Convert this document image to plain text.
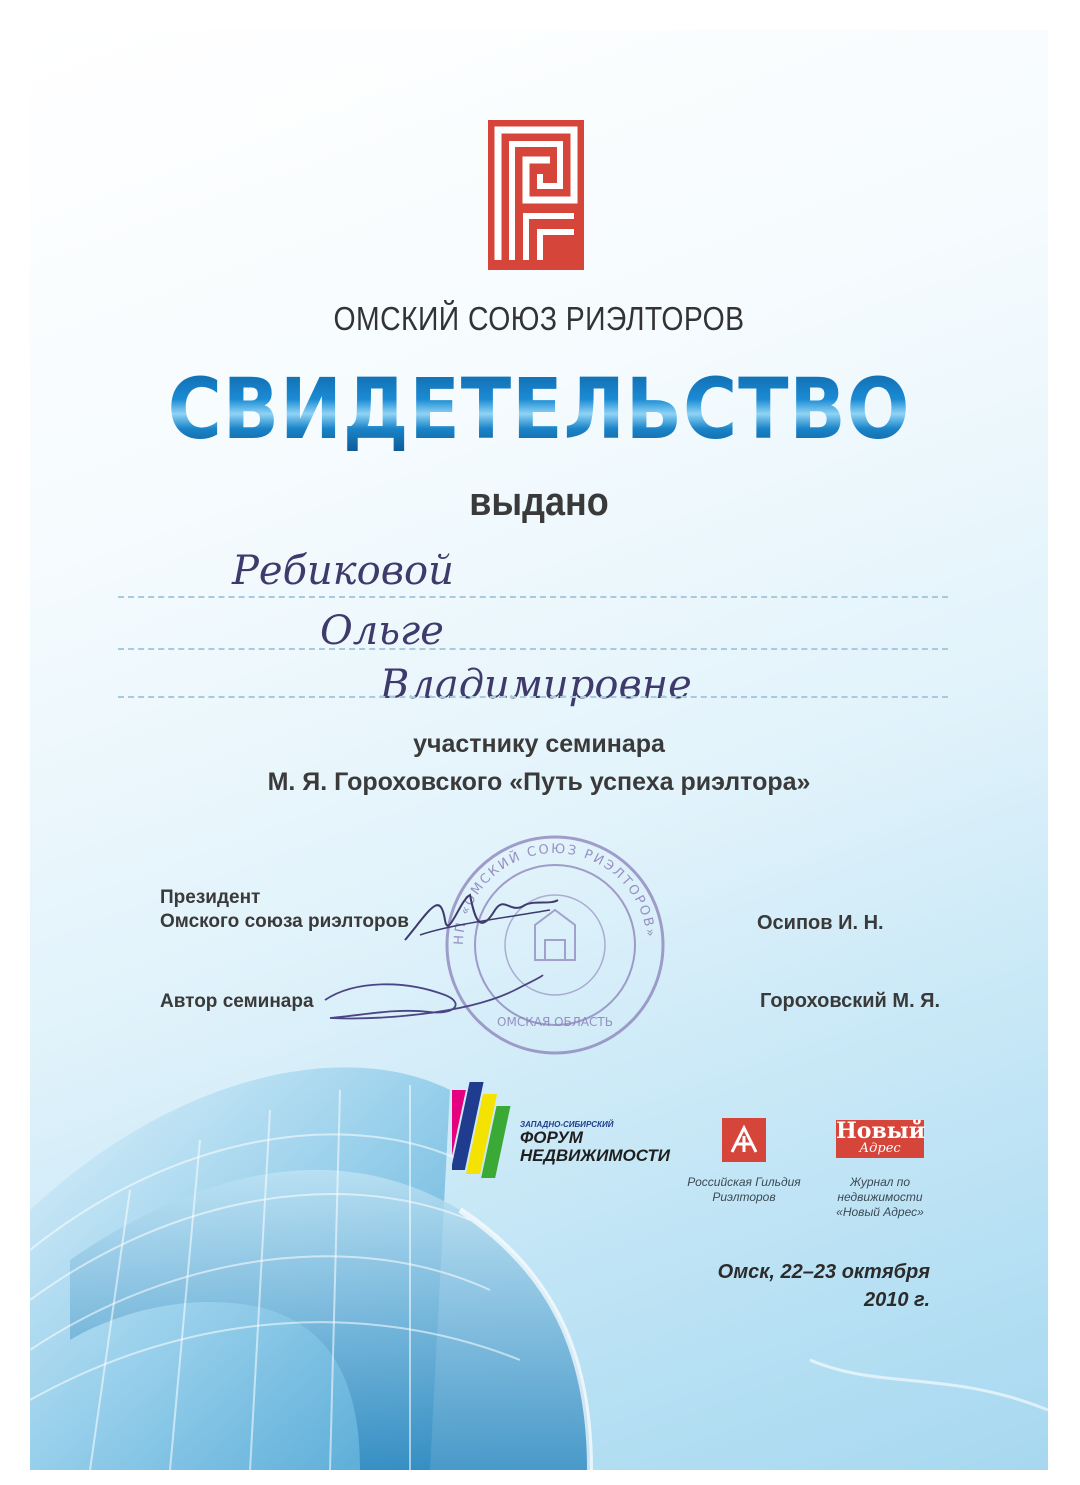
ОМСКИЙ СОЮЗ РИЭЛТОРОВ
СВИДЕТЕЛЬСТВО
выдано
Ребиковой
Ольге
Владимировне
участнику семинара
М. Я. Гороховского «Путь успеха риэлтора»
НП «ОМСКИЙ СОЮЗ РИЭЛТОРОВ»
ОМСКАЯ ОБЛАСТЬ
Президент
Омского союза риэлторов	Осипов И. Н.
Автор семинара	Гороховский М. Я.
ЗАПАДНО-СИБИРСКИЙ
ФОРУМ
НЕДВИЖИМОСТИ
Российская Гильдия
Риэлторов
Новый
Адрес
Журнал по недвижимости
«Новый Адрес»
Омск, 22–23 октября
2010 г.
